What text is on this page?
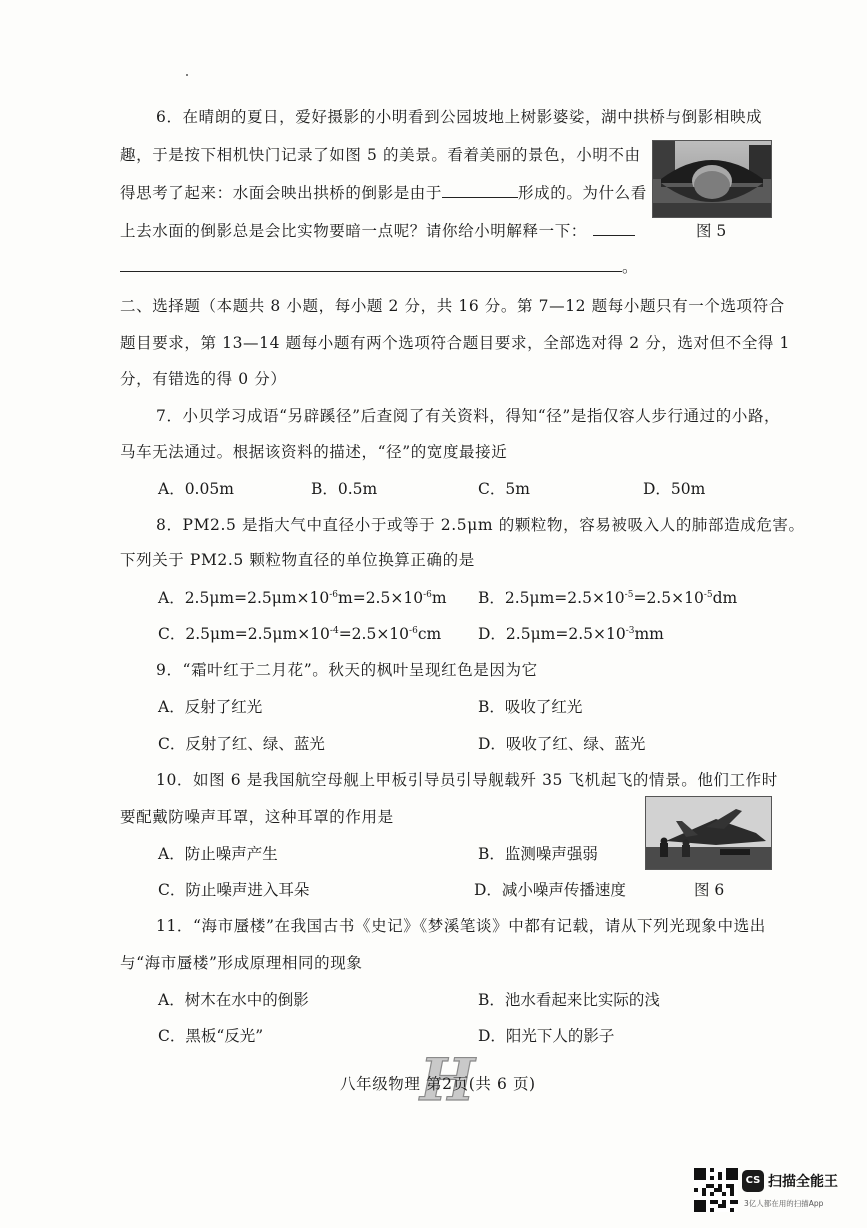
6．在晴朗的夏日，爱好摄影的小明看到公园坡地上树影婆娑，湖中拱桥与倒影相映成
趣，于是按下相机快门记录了如图 5 的美景。看着美丽的景色，小明不由
得思考了起来：水面会映出拱桥的倒影是由于	形成的。为什么看
上去水面的倒影总是会比实物要暗一点呢？请你给小明解释一下：
。
图 5
二、选择题（本题共 8 小题，每小题 2 分，共 16 分。第 7—12 题每小题只有一个选项符合
题目要求，第 13—14 题每小题有两个选项符合题目要求，全部选对得 2 分，选对但不全得 1
分，有错选的得 0 分）
7．小贝学习成语“另辟蹊径”后查阅了有关资料，得知“径”是指仅容人步行通过的小路，
马车无法通过。根据该资料的描述，“径”的宽度最接近
A．0.05m	B．0.5m	C．5m	D．50m
8．PM2.5 是指大气中直径小于或等于 2.5μm 的颗粒物，容易被吸入人的肺部造成危害。
下列关于 PM2.5 颗粒物直径的单位换算正确的是
A．$2.5\mu m=2.5\mu m\times 10^{-6}m=2.5\times 10^{-6}m$ B．$2.5\mu m=2.5\times 10^{-5}=2.5\times 10^{-5}dm$
C．$2.5\mu m=2.5\mu m\times 10^{-4}=2.5\times 10^{-6}cm$ D．$2.5\mu m=2.5\times 10^{-3}mm$
9．“霜叶红于二月花”。秋天的枫叶呈现红色是因为它
A．反射了红光	B．吸收了红光
C．反射了红、绿、蓝光	D．吸收了红、绿、蓝光
10．如图 6 是我国航空母舰上甲板引导员引导舰载歼 35 飞机起飞的情景。他们工作时
要配戴防噪声耳罩，这种耳罩的作用是
A．防止噪声产生	B．监测噪声强弱
C．防止噪声进入耳朵	D．减小噪声传播速度	图 6
11．“海市蜃楼”在我国古书《史记》《梦溪笔谈》中都有记载，请从下列光现象中选出
与“海市蜃楼”形成原理相同的现象
A．树木在水中的倒影	B．池水看起来比实际的浅
C．黑板“反光”	D．阳光下人的影子
H
八年级物理 第2页(共 6 页)
CS 扫描全能王
3亿人都在用的扫描App
